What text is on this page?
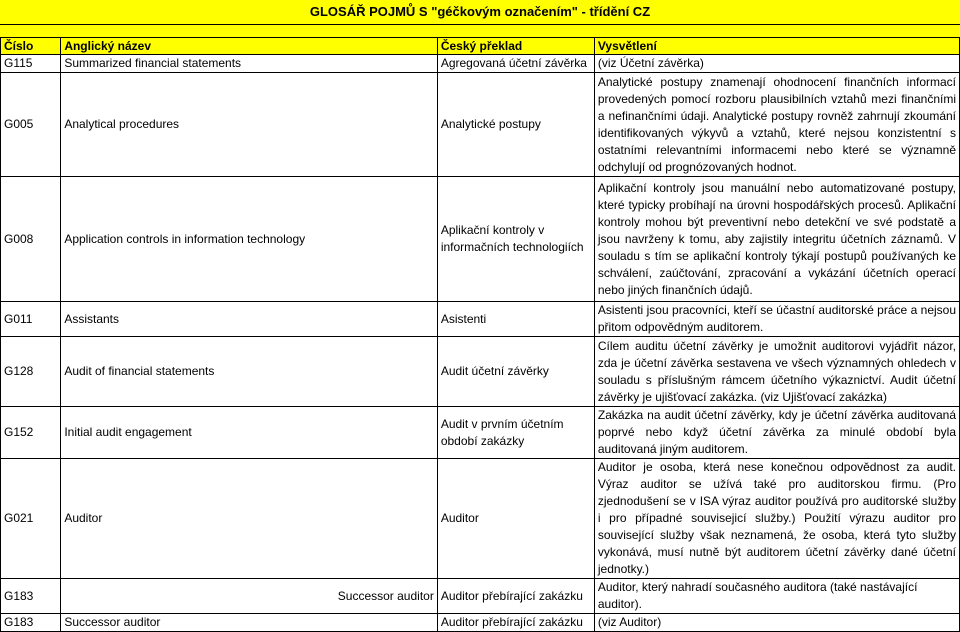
GLOSÁŘ POJMŮ S "géčkovým označením" - třídění CZ
Číslo	Anglický název	Český překlad	Vysvětlení
G115	Summarized financial statements	Agregovaná účetní závěrka	(viz Účetní závěrka)
G005	Analytical procedures	Analytické postupy	Analytické postupy znamenají ohodnocení finančních informací provedených pomocí rozboru plausibilních vztahů mezi finančními a nefinančními údaji. Analytické postupy rovněž zahrnují zkoumání identifikovaných výkyvů a vztahů, které nejsou konzistentní s ostatními relevantními informacemi nebo které se významně odchylují od prognózovaných hodnot.
G008	Application controls in information technology	Aplikační kontroly v informačních technologiích	Aplikační kontroly jsou manuální nebo automatizované postupy, které typicky probíhají na úrovni hospodářských procesů. Aplikační kontroly mohou být preventivní nebo detekční ve své podstatě a jsou navrženy k tomu, aby zajistily integritu účetních záznamů. V souladu s tím se aplikační kontroly týkají postupů používaných ke schválení, zaúčtování, zpracování a vykázání účetních operací nebo jiných finančních údajů.
G011	Assistants	Asistenti	Asistenti jsou pracovníci, kteří se účastní auditorské práce a nejsou přitom odpovědným auditorem.
G128	Audit of financial statements	Audit účetní závěrky	Cílem auditu účetní závěrky je umožnit auditorovi vyjádřit názor, zda je účetní závěrka sestavena ve všech významných ohledech v souladu s příslušným rámcem účetního výkaznictví. Audit účetní závěrky je ujišťovací zakázka. (viz Ujišťovací zakázka)
G152	Initial audit engagement	Audit v prvním účetním období zakázky	Zakázka na audit účetní závěrky, kdy je účetní závěrka auditovaná poprvé nebo když účetní závěrka za minulé období byla auditovaná jiným auditorem.
G021	Auditor	Auditor	Auditor je osoba, která nese konečnou odpovědnost za audit. Výraz auditor se užívá také pro auditorskou firmu. (Pro zjednodušení se v ISA výraz auditor používá pro auditorské služby i pro případné souvisejicí služby.) Použití výrazu auditor pro související služby však neznamená, že osoba, která tyto služby vykonává, musí nutně být auditorem účetní závěrky dané účetní jednotky.)
G183	Successor auditor	Auditor přebírající zakázku	Auditor, který nahradí současného auditora (také nastávající auditor).
G183	Successor auditor	Auditor přebírající zakázku	(viz Auditor)
